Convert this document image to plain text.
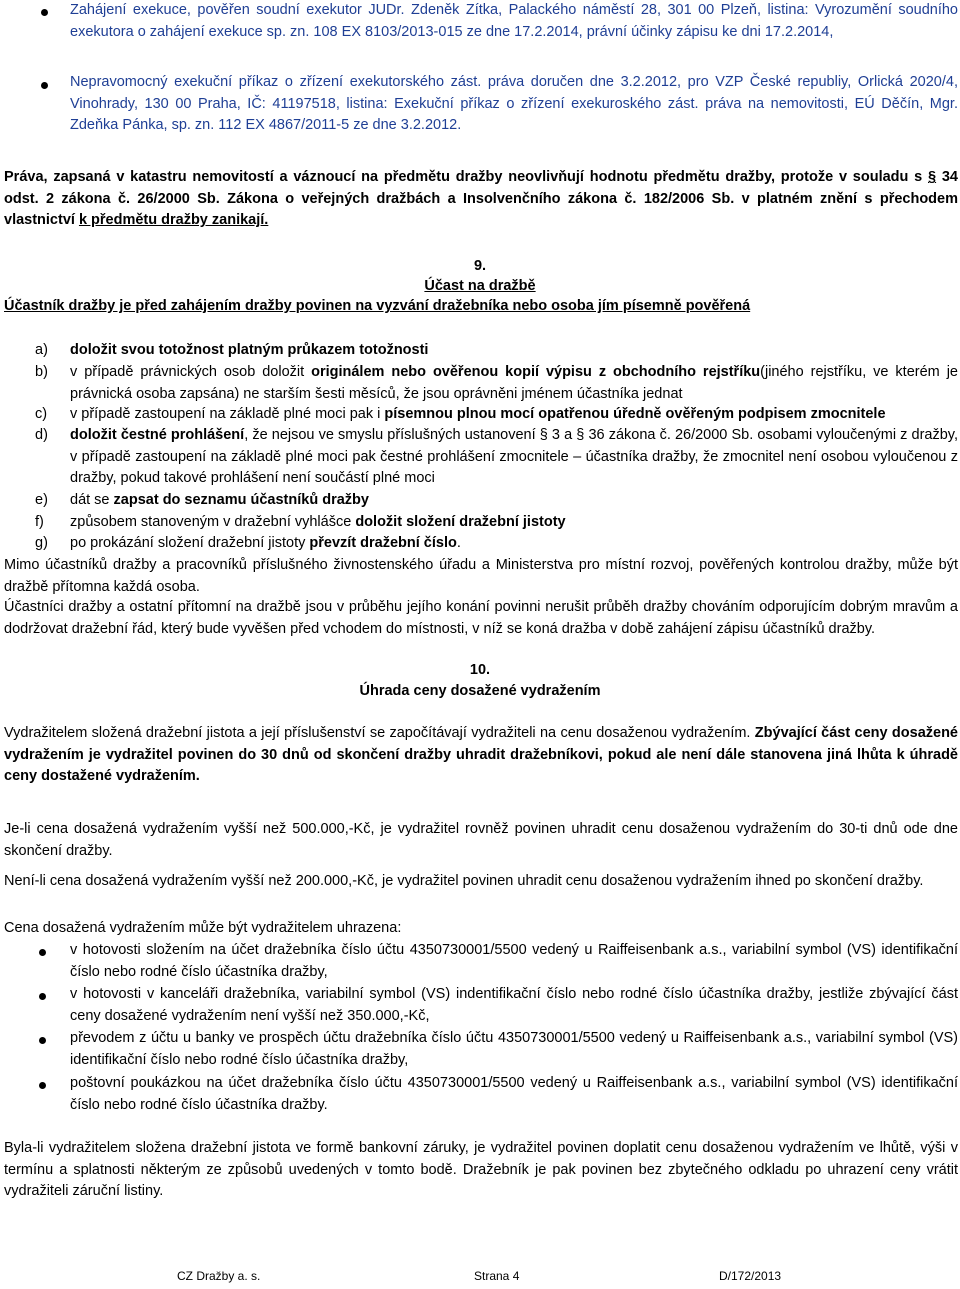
Zahájení exekuce, pověřen soudní exekutor JUDr. Zdeněk Zítka, Palackého náměstí 28, 301 00 Plzeň, listina: Vyrozumění soudního exekutora o zahájení exekuce sp. zn. 108 EX 8103/2013-015 ze dne 17.2.2014, právní účinky zápisu ke dni 17.2.2014,

Nepravomocný exekuční příkaz o zřízení exekutorského zást. práva doručen dne 3.2.2012, pro VZP České republiy, Orlická 2020/4, Vinohrady, 130 00 Praha, IČ: 41197518, listina: Exekuční příkaz o zřízení exekuroského zást. práva na nemovitosti, EÚ Děčín, Mgr. Zdeňka Pánka, sp. zn. 112 EX 4867/2011-5 ze dne 3.2.2012.

Práva, zapsaná v katastru nemovitostí a váznoucí na předmětu dražby neovlivňují hodnotu předmětu dražby, protože v souladu s § 34 odst. 2 zákona č. 26/2000 Sb. Zákona o veřejných dražbách a Insolvenčního zákona č. 182/2006 Sb. v platném znění s přechodem vlastnictví k předmětu dražby zanikají.

9.

Účast na dražbě

Účastník dražby je před zahájením dražby povinen na vyzvání dražebníka nebo osoba jím písemně pověřená

a)	doložit svou totožnost platným průkazem totožnosti
b)	v případě právnických osob doložit originálem nebo ověřenou kopií výpisu z obchodního rejstříku(jiného rejstříku, ve kterém je právnická osoba zapsána) ne starším šesti měsíců, že jsou oprávněni jménem účastníka jednat
c)	v případě zastoupení na základě plné moci pak i písemnou plnou mocí opatřenou úředně ověřeným podpisem zmocnitele
d)	doložit čestné prohlášení, že nejsou ve smyslu příslušných ustanovení § 3 a § 36 zákona č. 26/2000 Sb. osobami vyloučenými z dražby, v případě zastoupení na základě plné moci pak čestné prohlášení zmocnitele – účastníka dražby, že zmocnitel není osobou vyloučenou z dražby, pokud takové prohlášení není součástí plné moci
e)	dát se zapsat do seznamu účastníků dražby
f)	způsobem stanoveným v dražební vyhlášce doložit složení dražební jistoty
g)	po prokázání složení dražební jistoty převzít dražební číslo.

Mimo účastníků dražby a pracovníků příslušného živnostenského úřadu a Ministerstva pro místní rozvoj, pověřených kontrolou dražby, může být dražbě přítomna každá osoba.

Účastníci dražby a ostatní přítomní na dražbě jsou v průběhu jejího konání povinni nerušit průběh dražby chováním odporujícím dobrým mravům a dodržovat dražební řád, který bude vyvěšen před vchodem do místnosti, v níž se koná dražba v době zahájení zápisu účastníků dražby.

10.

Úhrada ceny dosažené vydražením

Vydražitelem složená dražební jistota a její příslušenství se započítávají vydražiteli na cenu dosaženou vydražením. Zbývající část ceny dosažené vydražením je vydražitel povinen do 30 dnů od skončení dražby uhradit dražebníkovi, pokud ale není dále stanovena jiná lhůta k úhradě ceny dostažené vydražením.

Je-li cena dosažená vydražením vyšší než 500.000,-Kč, je vydražitel rovněž povinen uhradit cenu dosaženou vydražením do 30-ti dnů ode dne skončení dražby.

Není-li cena dosažená vydražením vyšší než 200.000,-Kč, je vydražitel povinen uhradit cenu dosaženou vydražením ihned po skončení dražby.

Cena dosažená vydražením může být vydražitelem uhrazena:

v hotovosti složením na účet dražebníka číslo účtu 4350730001/5500 vedený u Raiffeisenbank a.s., variabilní symbol (VS) identifikační číslo nebo rodné číslo účastníka dražby,

v hotovosti v kanceláři dražebníka, variabilní symbol (VS) indentifikační číslo nebo rodné číslo účastníka dražby, jestliže zbývající část ceny dosažené vydražením není vyšší než 350.000,-Kč,

převodem z účtu u banky ve prospěch účtu dražebníka číslo účtu 4350730001/5500 vedený u Raiffeisenbank a.s., variabilní symbol (VS) identifikační číslo nebo rodné číslo účastníka dražby,

poštovní poukázkou na účet dražebníka číslo účtu 4350730001/5500 vedený u Raiffeisenbank a.s., variabilní symbol (VS) identifikační číslo nebo rodné číslo účastníka dražby.

Byla-li vydražitelem složena dražební jistota ve formě bankovní záruky, je vydražitel povinen doplatit cenu dosaženou vydražením ve lhůtě, výši v termínu a splatnosti některým ze způsobů uvedených v tomto bodě. Dražebník je pak povinen bez zbytečného odkladu po uhrazení ceny vrátit vydražiteli záruční listiny.

CZ Dražby a. s.	Strana 4	D/172/2013
